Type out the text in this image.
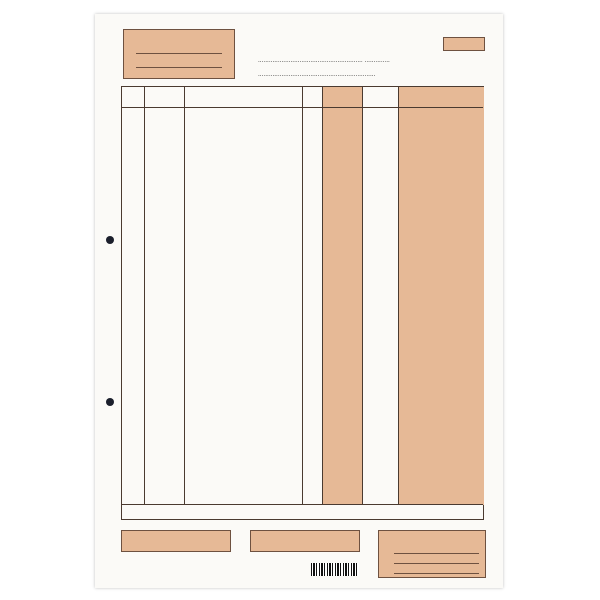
.......................................................... ..............
.................................................................
